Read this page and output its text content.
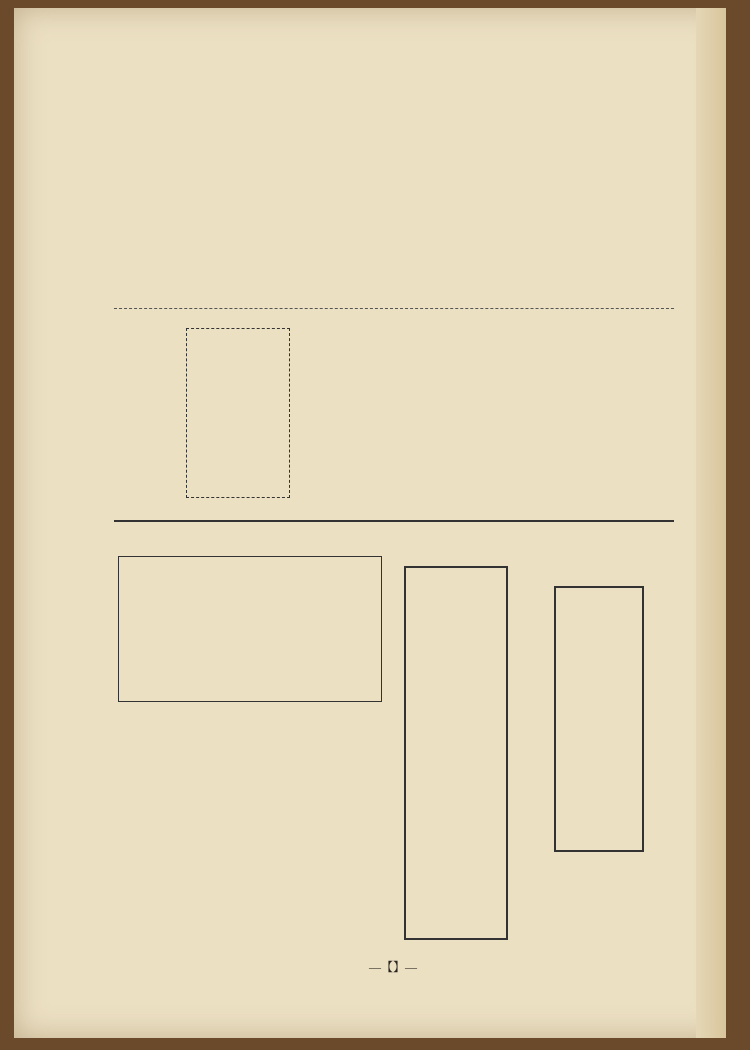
—【】—
